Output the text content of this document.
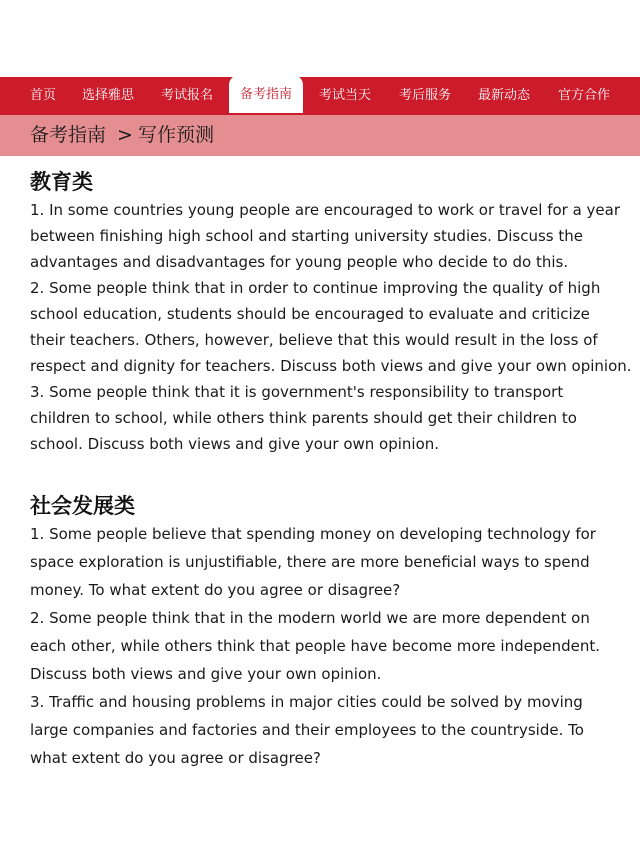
首页 选择雅思 考试报名	备考指南	考试当天 考后服务 最新动态 官方合作
备考指南 > 写作预测
教育类
1. In some countries young people are encouraged to work or travel for a year
between finishing high school and starting university studies. Discuss the
advantages and disadvantages for young people who decide to do this.
2. Some people think that in order to continue improving the quality of high
school education, students should be encouraged to evaluate and criticize
their teachers. Others, however, believe that this would result in the loss of
respect and dignity for teachers. Discuss both views and give your own opinion.
3. Some people think that it is government's responsibility to transport
children to school, while others think parents should get their children to
school. Discuss both views and give your own opinion.
社会发展类
1. Some people believe that spending money on developing technology for
space exploration is unjustifiable, there are more beneficial ways to spend
money. To what extent do you agree or disagree?
2. Some people think that in the modern world we are more dependent on
each other, while others think that people have become more independent.
Discuss both views and give your own opinion.
3. Traffic and housing problems in major cities could be solved by moving
large companies and factories and their employees to the countryside. To
what extent do you agree or disagree?
